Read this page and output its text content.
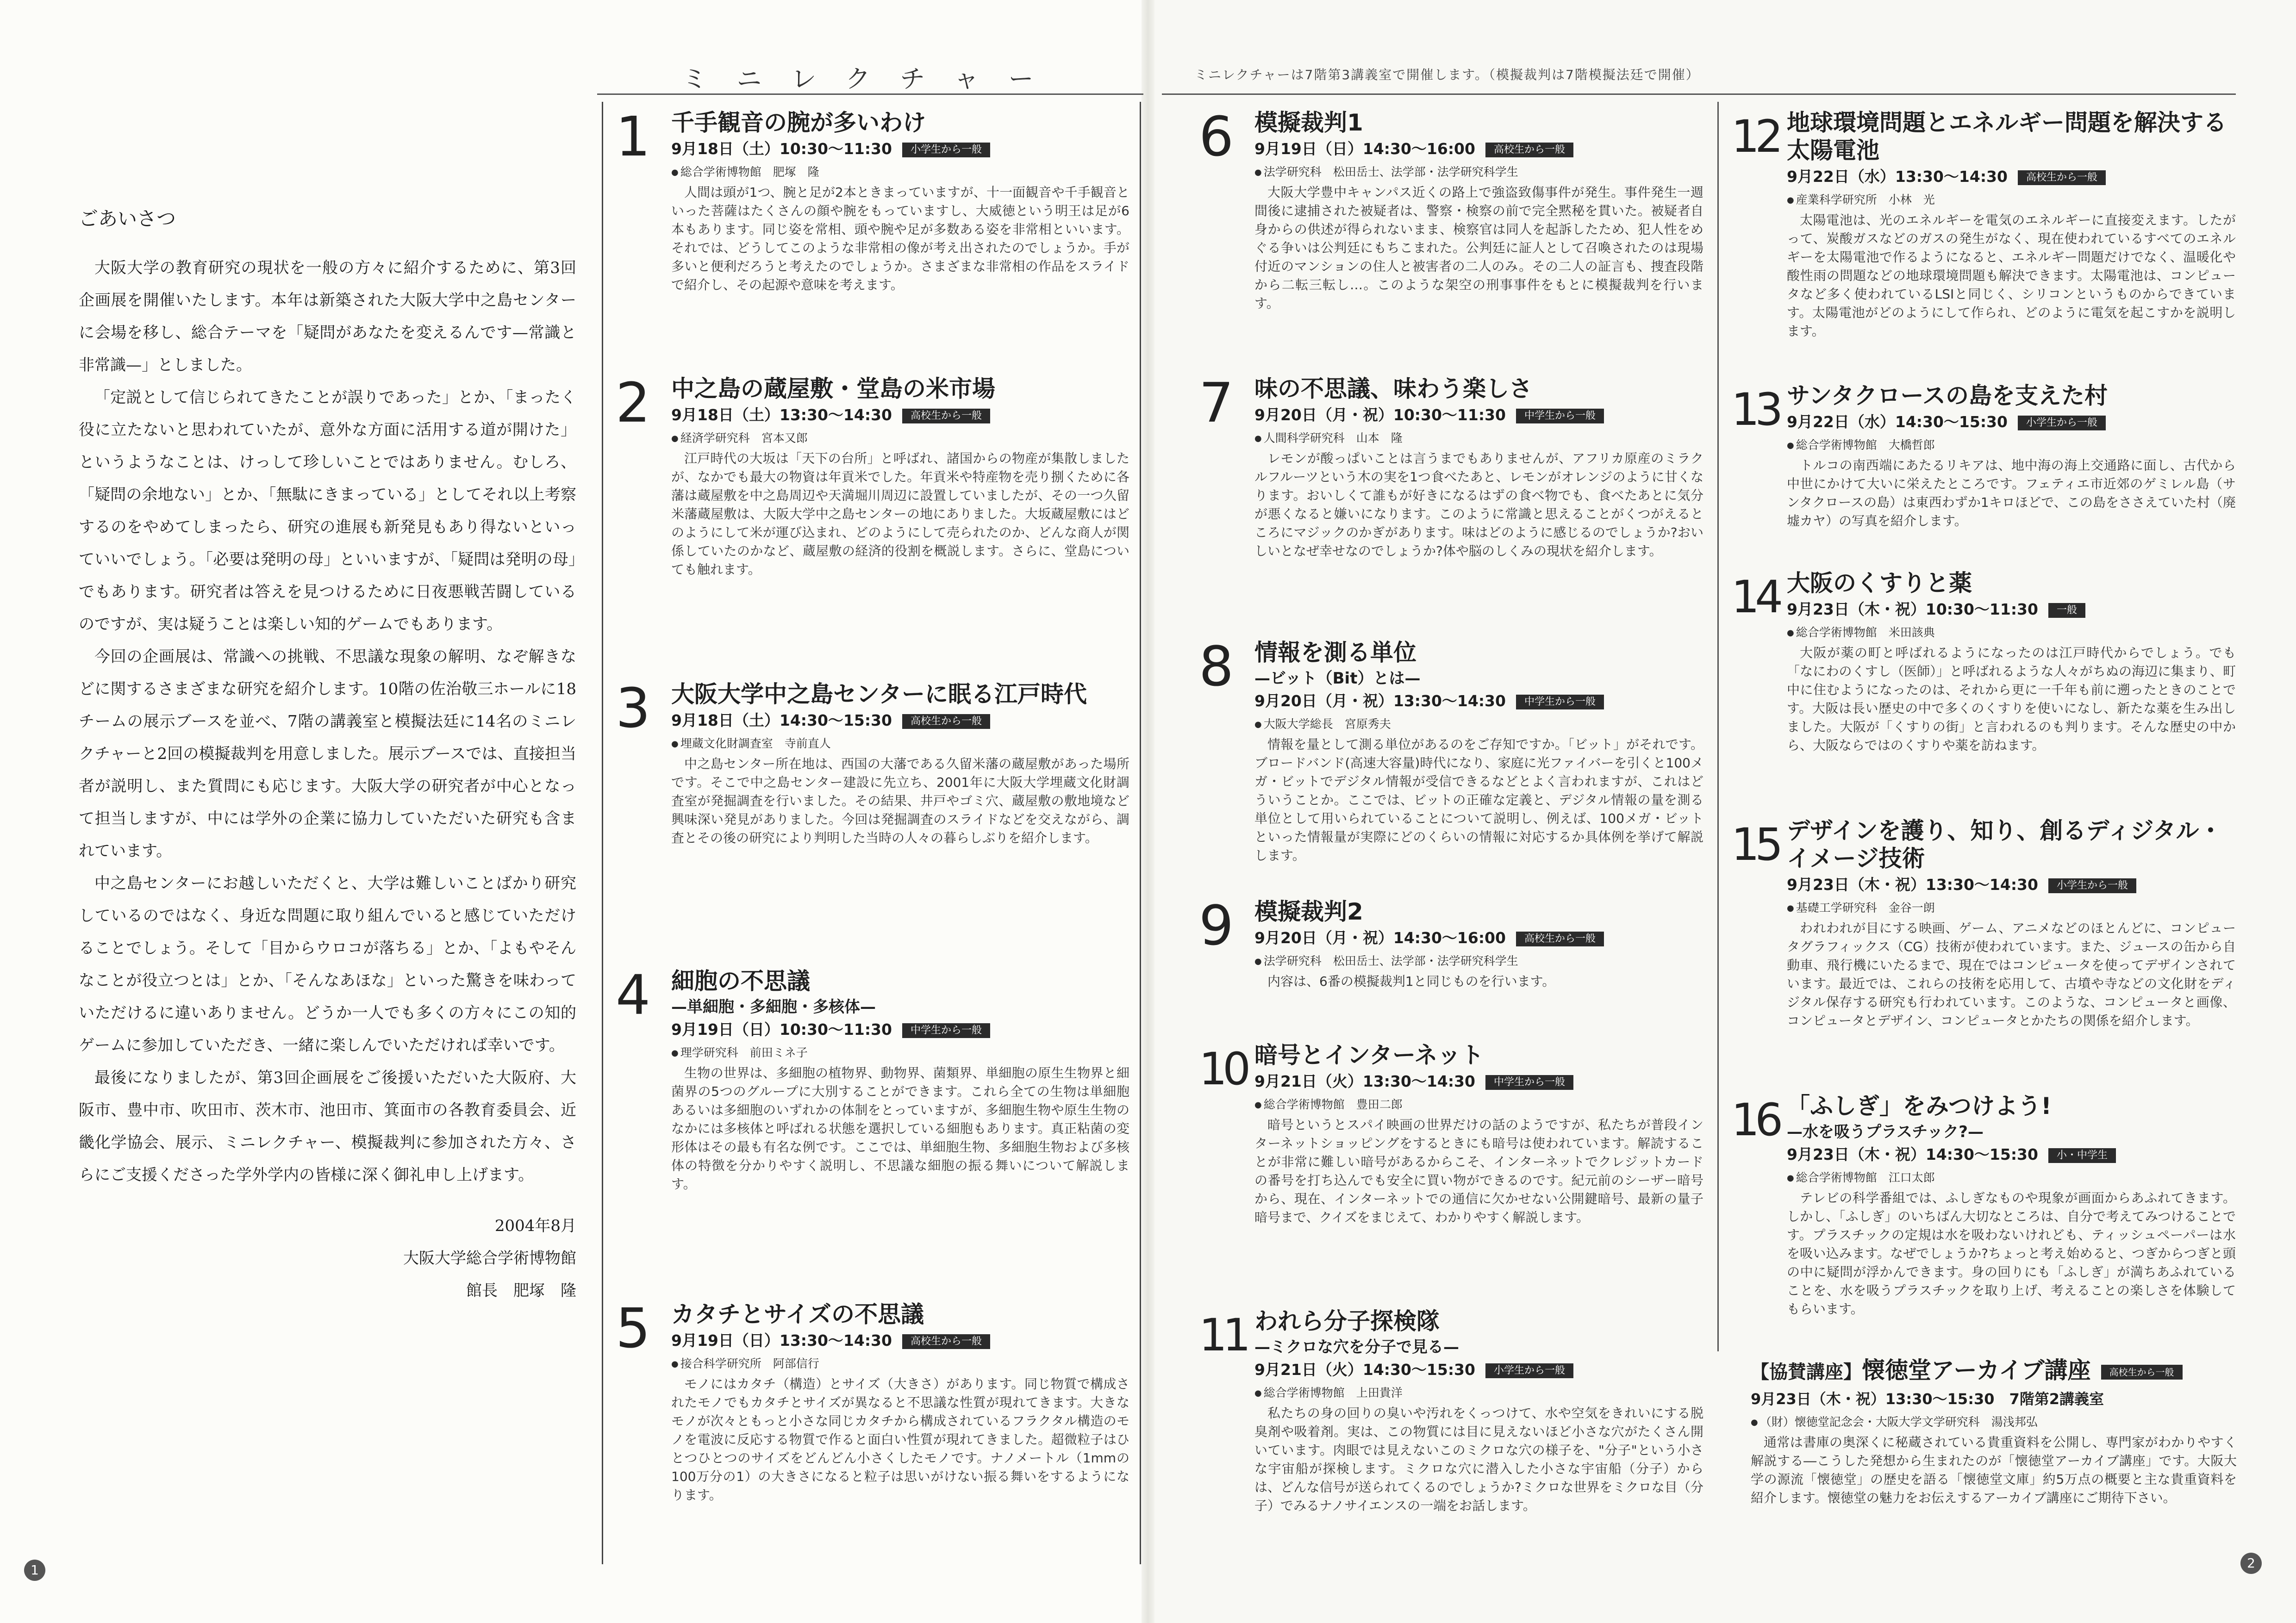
ごあいさつ

大阪大学の教育研究の現状を一般の方々に紹介するために、第3回企画展を開催いたします。本年は新築された大阪大学中之島センターに会場を移し、総合テーマを「疑問があなたを変えるんです—常識と非常識—」としました。

「定説として信じられてきたことが誤りであった」とか、「まったく役に立たないと思われていたが、意外な方面に活用する道が開けた」というようなことは、けっして珍しいことではありません。むしろ、「疑問の余地ない」とか、「無駄にきまっている」としてそれ以上考察するのをやめてしまったら、研究の進展も新発見もあり得ないといっていいでしょう。「必要は発明の母」といいますが、「疑問は発明の母」でもあります。研究者は答えを見つけるために日夜悪戦苦闘しているのですが、実は疑うことは楽しい知的ゲームでもあります。

今回の企画展は、常識への挑戦、不思議な現象の解明、なぞ解きなどに関するさまざまな研究を紹介します。10階の佐治敬三ホールに18チームの展示ブースを並べ、7階の講義室と模擬法廷に14名のミニレクチャーと2回の模擬裁判を用意しました。展示ブースでは、直接担当者が説明し、また質問にも応じます。大阪大学の研究者が中心となって担当しますが、中には学外の企業に協力していただいた研究も含まれています。

中之島センターにお越しいただくと、大学は難しいことばかり研究しているのではなく、身近な問題に取り組んでいると感じていただけることでしょう。そして「目からウロコが落ちる」とか、「よもやそんなことが役立つとは」とか、「そんなあほな」といった驚きを味わっていただけるに違いありません。どうか一人でも多くの方々にこの知的ゲームに参加していただき、一緒に楽しんでいただければ幸いです。

最後になりましたが、第3回企画展をご後援いただいた大阪府、大阪市、豊中市、吹田市、茨木市、池田市、箕面市の各教育委員会、近畿化学協会、展示、ミニレクチャー、模擬裁判に参加された方々、さらにご支援くださった学外学内の皆様に深く御礼申し上げます。

2004年8月
大阪大学総合学術博物館
館長　肥塚　隆
ミニレクチャー	ミニレクチャーは7階第3講義室で開催します。（模擬裁判は7階模擬法廷で開催）
1	千手観音の腕が多いわけ
9月18日（土）10:30〜11:30 小学生から一般
● 総合学術博物館　肥塚　隆

人間は頭が1つ、腕と足が2本ときまっていますが、十一面観音や千手観音といった菩薩はたくさんの顔や腕をもっていますし、大威徳という明王は足が6本もあります。同じ姿を常相、頭や腕や足が多数ある姿を非常相といいます。それでは、どうしてこのような非常相の像が考え出されたのでしょうか。手が多いと便利だろうと考えたのでしょうか。さまざまな非常相の作品をスライドで紹介し、その起源や意味を考えます。

2	中之島の蔵屋敷・堂島の米市場
9月18日（土）13:30〜14:30 高校生から一般
● 経済学研究科　宮本又郎

江戸時代の大坂は「天下の台所」と呼ばれ、諸国からの物産が集散しましたが、なかでも最大の物資は年貢米でした。年貢米や特産物を売り捌くために各藩は蔵屋敷を中之島周辺や天満堀川周辺に設置していましたが、その一つ久留米藩蔵屋敷は、大阪大学中之島センターの地にありました。大坂蔵屋敷にはどのようにして米が運び込まれ、どのようにして売られたのか、どんな商人が関係していたのかなど、蔵屋敷の経済的役割を概説します。さらに、堂島についても触れます。

3	大阪大学中之島センターに眠る江戸時代
9月18日（土）14:30〜15:30 高校生から一般
● 埋蔵文化財調査室　寺前直人

中之島センター所在地は、西国の大藩である久留米藩の蔵屋敷があった場所です。そこで中之島センター建設に先立ち、2001年に大阪大学埋蔵文化財調査室が発掘調査を行いました。その結果、井戸やゴミ穴、蔵屋敷の敷地境など興味深い発見がありました。今回は発掘調査のスライドなどを交えながら、調査とその後の研究により判明した当時の人々の暮らしぶりを紹介します。

4	細胞の不思議
—単細胞・多細胞・多核体—
9月19日（日）10:30〜11:30 中学生から一般
● 理学研究科　前田ミネ子

生物の世界は、多細胞の植物界、動物界、菌類界、単細胞の原生生物界と細菌界の5つのグループに大別することができます。これら全ての生物は単細胞あるいは多細胞のいずれかの体制をとっていますが、多細胞生物や原生生物のなかには多核体と呼ばれる状態を選択している細胞もあります。真正粘菌の変形体はその最も有名な例です。ここでは、単細胞生物、多細胞生物および多核体の特徴を分かりやすく説明し、不思議な細胞の振る舞いについて解説します。

5	カタチとサイズの不思議
9月19日（日）13:30〜14:30 高校生から一般
● 接合科学研究所　阿部信行

モノにはカタチ（構造）とサイズ（大きさ）があります。同じ物質で構成されたモノでもカタチとサイズが異なると不思議な性質が現れてきます。大きなモノが次々ともっと小さな同じカタチから構成されているフラクタル構造のモノを電波に反応する物質で作ると面白い性質が現れてきました。超微粒子はひとつひとつのサイズをどんどん小さくしたモノです。ナノメートル（1mmの100万分の1）の大きさになると粒子は思いがけない振る舞いをするようになります。

6	模擬裁判1
9月19日（日）14:30〜16:00 高校生から一般
● 法学研究科　松田岳士、法学部・法学研究科学生

大阪大学豊中キャンパス近くの路上で強盗致傷事件が発生。事件発生一週間後に逮捕された被疑者は、警察・検察の前で完全黙秘を貫いた。被疑者自身からの供述が得られないまま、検察官は同人を起訴したため、犯人性をめぐる争いは公判廷にもちこまれた。公判廷に証人として召喚されたのは現場付近のマンションの住人と被害者の二人のみ。その二人の証言も、捜査段階から二転三転し…。このような架空の刑事事件をもとに模擬裁判を行います。

7	味の不思議、味わう楽しさ
9月20日（月・祝）10:30〜11:30 中学生から一般
● 人間科学研究科　山本　隆

レモンが酸っぱいことは言うまでもありませんが、アフリカ原産のミラクルフルーツという木の実を1つ食べたあと、レモンがオレンジのように甘くなります。おいしくて誰もが好きになるはずの食べ物でも、食べたあとに気分が悪くなると嫌いになります。このように常識と思えることがくつがえるところにマジックのかぎがあります。味はどのように感じるのでしょうか?おいしいとなぜ幸せなのでしょうか?体や脳のしくみの現状を紹介します。

8	情報を測る単位
—ビット（Bit）とは—
9月20日（月・祝）13:30〜14:30 中学生から一般
● 大阪大学総長　宮原秀夫

情報を量として測る単位があるのをご存知ですか。「ビット」がそれです。ブロードバンド(高速大容量)時代になり、家庭に光ファイバーを引くと100メガ・ビットでデジタル情報が受信できるなどとよく言われますが、これはどういうことか。ここでは、ビットの正確な定義と、デジタル情報の量を測る単位として用いられていることについて説明し、例えば、100メガ・ビットといった情報量が実際にどのくらいの情報に対応するか具体例を挙げて解説します。

9	模擬裁判2
9月20日（月・祝）14:30〜16:00 高校生から一般
● 法学研究科　松田岳士、法学部・法学研究科学生

内容は、6番の模擬裁判1と同じものを行います。

10 暗号とインターネット
9月21日（火）13:30〜14:30 中学生から一般
● 総合学術博物館　豊田二郎

暗号というとスパイ映画の世界だけの話のようですが、私たちが普段インターネットショッピングをするときにも暗号は使われています。解読することが非常に難しい暗号があるからこそ、インターネットでクレジットカードの番号を打ち込んでも安全に買い物ができるのです。紀元前のシーザー暗号から、現在、インターネットでの通信に欠かせない公開鍵暗号、最新の量子暗号まで、クイズをまじえて、わかりやすく解説します。

11 われら分子探検隊
—ミクロな穴を分子で見る—
9月21日（火）14:30〜15:30 小学生から一般
● 総合学術博物館　上田貴洋

私たちの身の回りの臭いや汚れをくっつけて、水や空気をきれいにする脱臭剤や吸着剤。実は、この物質には目に見えないほど小さな穴がたくさん開いています。肉眼では見えないこのミクロな穴の様子を、"分子"という小さな宇宙船が探検します。ミクロな穴に潜入した小さな宇宙船（分子）からは、どんな信号が送られてくるのでしょうか?ミクロな世界をミクロな目（分子）でみるナノサイエンスの一端をお話します。

12 地球環境問題とエネルギー問題を解決する太陽電池
9月22日（水）13:30〜14:30 高校生から一般
● 産業科学研究所　小林　光

太陽電池は、光のエネルギーを電気のエネルギーに直接変えます。したがって、炭酸ガスなどのガスの発生がなく、現在使われているすべてのエネルギーを太陽電池で作るようになると、エネルギー問題だけでなく、温暖化や酸性雨の問題などの地球環境問題も解決できます。太陽電池は、コンピュータなど多く使われているLSIと同じく、シリコンというものからできています。太陽電池がどのようにして作られ、どのように電気を起こすかを説明します。

13 サンタクロースの島を支えた村
9月22日（水）14:30〜15:30 小学生から一般
● 総合学術博物館　大橋哲郎

トルコの南西端にあたるリキアは、地中海の海上交通路に面し、古代から中世にかけて大いに栄えたところです。フェティエ市近郊のゲミレル島（サンタクロースの島）は東西わずか1キロほどで、この島をささえていた村（廃墟カヤ）の写真を紹介します。

14 大阪のくすりと薬
9月23日（木・祝）10:30〜11:30 一般
● 総合学術博物館　米田該典

大阪が薬の町と呼ばれるようになったのは江戸時代からでしょう。でも「なにわのくすし（医師）」と呼ばれるような人々がちぬの海辺に集まり、町中に住むようになったのは、それから更に一千年も前に遡ったときのことです。大阪は長い歴史の中で多くのくすりを使いになし、新たな薬を生み出しました。大阪が「くすりの街」と言われるのも判ります。そんな歴史の中から、大阪ならではのくすりや薬を訪ねます。

15 デザインを護り、知り、創るディジタル・イメージ技術
9月23日（木・祝）13:30〜14:30 小学生から一般
● 基礎工学研究科　金谷一朗

われわれが目にする映画、ゲーム、アニメなどのほとんどに、コンピュータグラフィックス（CG）技術が使われています。また、ジュースの缶から自動車、飛行機にいたるまで、現在ではコンピュータを使ってデザインされています。最近では、これらの技術を応用して、古墳や寺などの文化財をディジタル保存する研究も行われています。このような、コンピュータと画像、コンピュータとデザイン、コンピュータとかたちの関係を紹介します。

16 「ふしぎ」をみつけよう!
—水を吸うプラスチック?—
9月23日（木・祝）14:30〜15:30 小・中学生
● 総合学術博物館　江口太郎

テレビの科学番組では、ふしぎなものや現象が画面からあふれてきます。しかし、「ふしぎ」のいちばん大切なところは、自分で考えてみつけることです。プラスチックの定規は水を吸わないけれども、ティッシュペーパーは水を吸い込みます。なぜでしょうか?ちょっと考え始めると、つぎからつぎと頭の中に疑問が浮かんできます。身の回りにも「ふしぎ」が満ちあふれていることを、水を吸うプラスチックを取り上げ、考えることの楽しさを体験してもらいます。

【協賛講座】懐徳堂アーカイブ講座 高校生から一般
9月23日（木・祝）13:30〜15:30　7階第2講義室
● （財）懐徳堂記念会・大阪大学文学研究科　湯浅邦弘

通常は書庫の奥深くに秘蔵されている貴重資料を公開し、専門家がわかりやすく解説する―こうした発想から生まれたのが「懐徳堂アーカイブ講座」です。大阪大学の源流「懐徳堂」の歴史を語る「懐徳堂文庫」約5万点の概要と主な貴重資料を紹介します。懐徳堂の魅力をお伝えするアーカイブ講座にご期待下さい。

1	2
